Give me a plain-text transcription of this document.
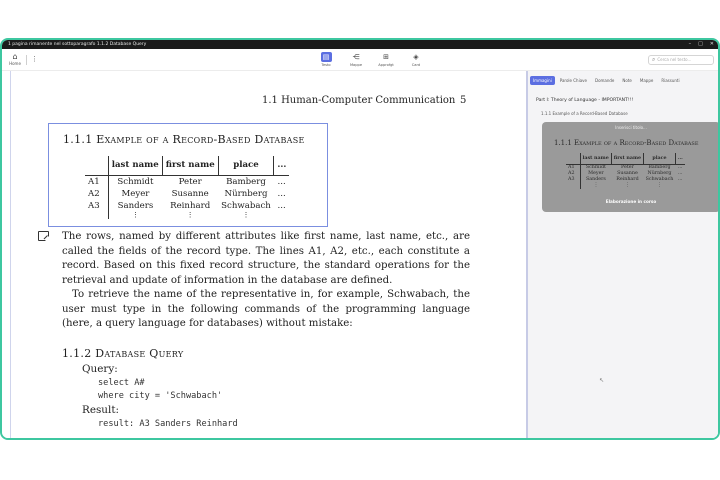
1 pagina rimanente nel sottoparagrafo 1.1.2 Database Query	– □ ✕
⌂
Home
⋮	▤
Testo
⋲
Mappe
⊞
Approfgt
◈
Card
⌕ Cerca nel testo...
1.1 Human-Computer Communication 5
1.1.1 Example of a Record-Based Database
	last name	first name	place	...
A1	Schmidt	Peter	Bamberg	...
A2	Meyer	Susanne	Nürnberg	...
A3	Sanders	Reinhard	Schwabach	...
	⋮	⋮	⋮	

The rows, named by different attributes like first name, last name, etc., are called the fields of the record type. The lines A1, A2, etc., each constitute a record. Based on this fixed record structure, the standard operations for the retrieval and update of information in the database are defined.

To retrieve the name of the representative in, for example, Schwabach, the user must type in the following commands of the programming language (here, a query language for databases) without mistake:

1.1.2 Database Query
Query:
select A#
where city = 'Schwabach'
Result:
result: A3 Sanders Reinhard
Immagini	Parole Chiave	Domande	Note	Mappe	Riassunti
Part I: Theory of Language - IMPORTANT!!!
1.1.1 Example of a Record-Based Database
Inserisci titolo...
1.1.1 Example of a Record-Based Database
	last name	first name	place	...
A1	Schmidt	Peter	Bamberg	...
A2	Meyer	Susanne	Nürnberg	...
A3	Sanders	Reinhard	Schwabach	...
	⋮	⋮	⋮	
Elaborazione in corso
↖
